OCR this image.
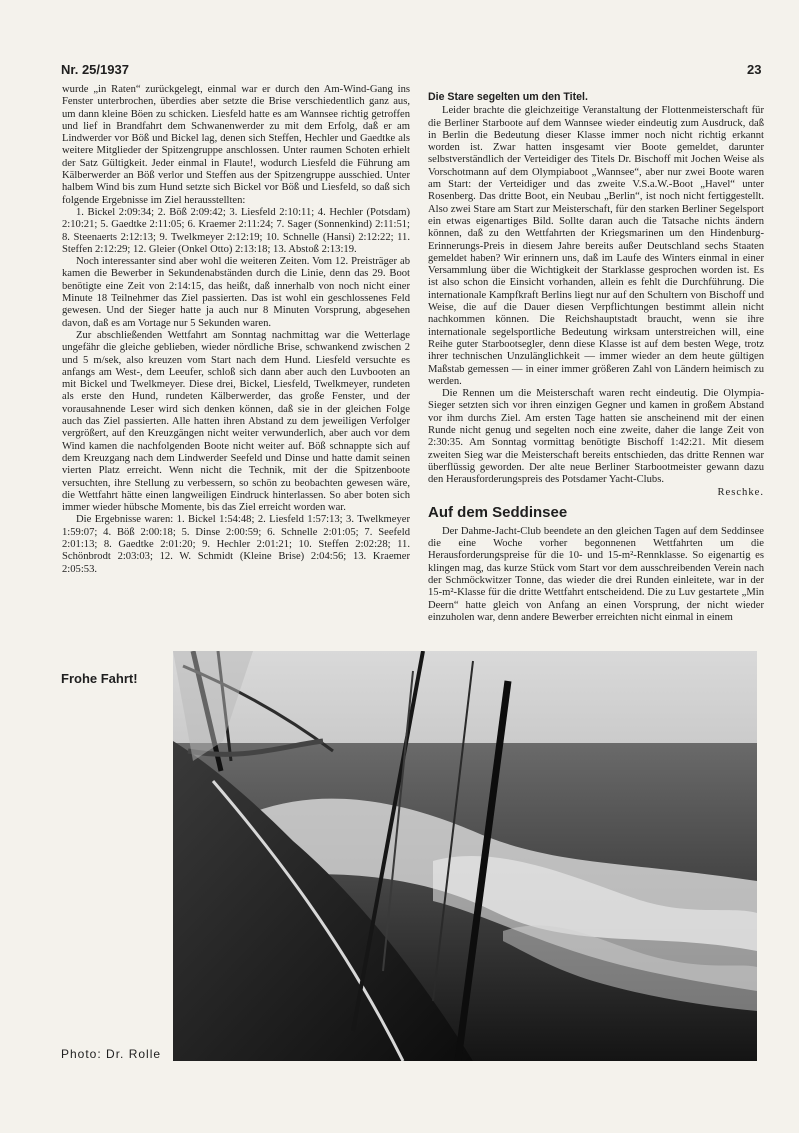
Nr. 25/1937	23

wurde „in Raten“ zurückgelegt, einmal war er durch den Am-Wind-Gang ins Fenster unterbrochen, überdies aber setzte die Brise verschiedentlich ganz aus, um dann kleine Böen zu schicken. Liesfeld hatte es am Wannsee richtig getroffen und lief in Brandfahrt dem Schwanenwerder zu mit dem Erfolg, daß er am Lindwerder vor Böß und Bickel lag, denen sich Steffen, Hechler und Gaedtke als weitere Mitglieder der Spitzengruppe anschlossen. Unter raumen Schoten erhielt der Satz Gültigkeit. Jeder einmal in Flaute!, wodurch Liesfeld die Führung am Kälberwerder an Böß verlor und Steffen aus der Spitzengruppe ausschied. Unter halbem Wind bis zum Hund setzte sich Bickel vor Böß und Liesfeld, so daß sich folgende Ergebnisse im Ziel herausstellten:

1. Bickel 2:09:34; 2. Böß 2:09:42; 3. Liesfeld 2:10:11; 4. Hechler (Potsdam) 2:10:21; 5. Gaedtke 2:11:05; 6. Kraemer 2:11:24; 7. Sager (Sonnenkind) 2:11:51; 8. Steenaerts 2:12:13; 9. Twelkmeyer 2:12:19; 10. Schnelle (Hansi) 2:12:22; 11. Steffen 2:12:29; 12. Gleier (Onkel Otto) 2:13:18; 13. Abstoß 2:13:19.

Noch interessanter sind aber wohl die weiteren Zeiten. Vom 12. Preisträger ab kamen die Bewerber in Sekundenabständen durch die Linie, denn das 29. Boot benötigte eine Zeit von 2:14:15, das heißt, daß innerhalb von noch nicht einer Minute 18 Teilnehmer das Ziel passierten. Das ist wohl ein geschlossenes Feld gewesen. Und der Sieger hatte ja auch nur 8 Minuten Vorsprung, abgesehen davon, daß es am Vortage nur 5 Sekunden waren.

Zur abschließenden Wettfahrt am Sonntag nachmittag war die Wetterlage ungefähr die gleiche geblieben, wieder nördliche Brise, schwankend zwischen 2 und 5 m/sek, also kreuzen vom Start nach dem Hund. Liesfeld versuchte es anfangs am West-, dem Leeufer, schloß sich dann aber auch den Luvbooten an mit Bickel und Twelkmeyer. Diese drei, Bickel, Liesfeld, Twelkmeyer, rundeten als erste den Hund, rundeten Kälberwerder, das große Fenster, und der vorausahnende Leser wird sich denken können, daß sie in der gleichen Folge auch das Ziel passierten. Alle hatten ihren Abstand zu dem jeweiligen Verfolger vergrößert, auf den Kreuzgängen nicht weiter verwunderlich, aber auch vor dem Wind kamen die nachfolgenden Boote nicht weiter auf. Böß schnappte sich auf dem Kreuzgang nach dem Lindwerder Seefeld und Dinse und hatte damit seinen vierten Platz erreicht. Wenn nicht die Technik, mit der die Spitzenboote versuchten, ihre Stellung zu verbessern, so schön zu beobachten gewesen wäre, die Wettfahrt hätte einen langweiligen Eindruck hinterlassen. So aber boten sich immer wieder hübsche Momente, bis das Ziel erreicht worden war.

Die Ergebnisse waren: 1. Bickel 1:54:48; 2. Liesfeld 1:57:13; 3. Twelkmeyer 1:59:07; 4. Böß 2:00:18; 5. Dinse 2:00:59; 6. Schnelle 2:01:05; 7. Seefeld 2:01:13; 8. Gaedtke 2:01:20; 9. Hechler 2:01:21; 10. Steffen 2:02:28; 11. Schönbrodt 2:03:03; 12. W. Schmidt (Kleine Brise) 2:04:56; 13. Kraemer 2:05:53.

Die Stare segelten um den Titel.

Leider brachte die gleichzeitige Veranstaltung der Flottenmeisterschaft für die Berliner Starboote auf dem Wannsee wieder eindeutig zum Ausdruck, daß in Berlin die Bedeutung dieser Klasse immer noch nicht richtig erkannt worden ist. Zwar hatten insgesamt vier Boote gemeldet, darunter selbstverständlich der Verteidiger des Titels Dr. Bischoff mit Jochen Weise als Vorschotmann auf dem Olympiaboot „Wannsee“, aber nur zwei Boote waren am Start: der Verteidiger und das zweite V.S.a.W.-Boot „Havel“ unter Rosenberg. Das dritte Boot, ein Neubau „Berlin“, ist noch nicht fertiggestellt. Also zwei Stare am Start zur Meisterschaft, für den starken Berliner Segelsport ein etwas eigenartiges Bild. Sollte daran auch die Tatsache nichts ändern können, daß zu den Wettfahrten der Kriegsmarinen um den Hindenburg-Erinnerungs-Preis in diesem Jahre bereits außer Deutschland sechs Staaten gemeldet haben? Wir erinnern uns, daß im Laufe des Winters einmal in einer Versammlung über die Wichtigkeit der Starklasse gesprochen worden ist. Es ist also schon die Einsicht vorhanden, allein es fehlt die Durchführung. Die internationale Kampfkraft Berlins liegt nur auf den Schultern von Bischoff und Weise, die auf die Dauer diesen Verpflichtungen bestimmt allein nicht nachkommen können. Die Reichshauptstadt braucht, wenn sie ihre internationale segelsportliche Bedeutung wirksam unterstreichen will, eine Reihe guter Starbootsegler, denn diese Klasse ist auf dem besten Wege, trotz ihrer technischen Unzulänglichkeit — immer wieder an dem heute gültigen Maßstab gemessen — in einer immer größeren Zahl von Ländern heimisch zu werden.

Die Rennen um die Meisterschaft waren recht eindeutig. Die Olympia-Sieger setzten sich vor ihren einzigen Gegner und kamen in großem Abstand vor ihm durchs Ziel. Am ersten Tage hatten sie anscheinend mit der einen Runde nicht genug und segelten noch eine zweite, daher die lange Zeit von 2:30:35. Am Sonntag vormittag benötigte Bischoff 1:42:21. Mit diesem zweiten Sieg war die Meisterschaft bereits entschieden, das dritte Rennen war überflüssig geworden. Der alte neue Berliner Starbootmeister gewann dazu den Herausforderungspreis des Potsdamer Yacht-Clubs.

Reschke.

Auf dem Seddinsee

Der Dahme-Jacht-Club beendete an den gleichen Tagen auf dem Seddinsee die eine Woche vorher begonnenen Wettfahrten um die Herausforderungspreise für die 10- und 15-m²-Rennklasse. So eigenartig es klingen mag, das kurze Stück vom Start vor dem ausschreibenden Verein nach der Schmöckwitzer Tonne, das wieder die drei Runden einleitete, war in der 15-m²-Klasse für die dritte Wettfahrt entscheidend. Die zu Luv gestartete „Min Deern“ hatte gleich von Anfang an einen Vorsprung, der nicht wieder einzuholen war, denn andere Bewerber erreichten nicht einmal in einem

Frohe Fahrt!
Photo: Dr. Rolle
